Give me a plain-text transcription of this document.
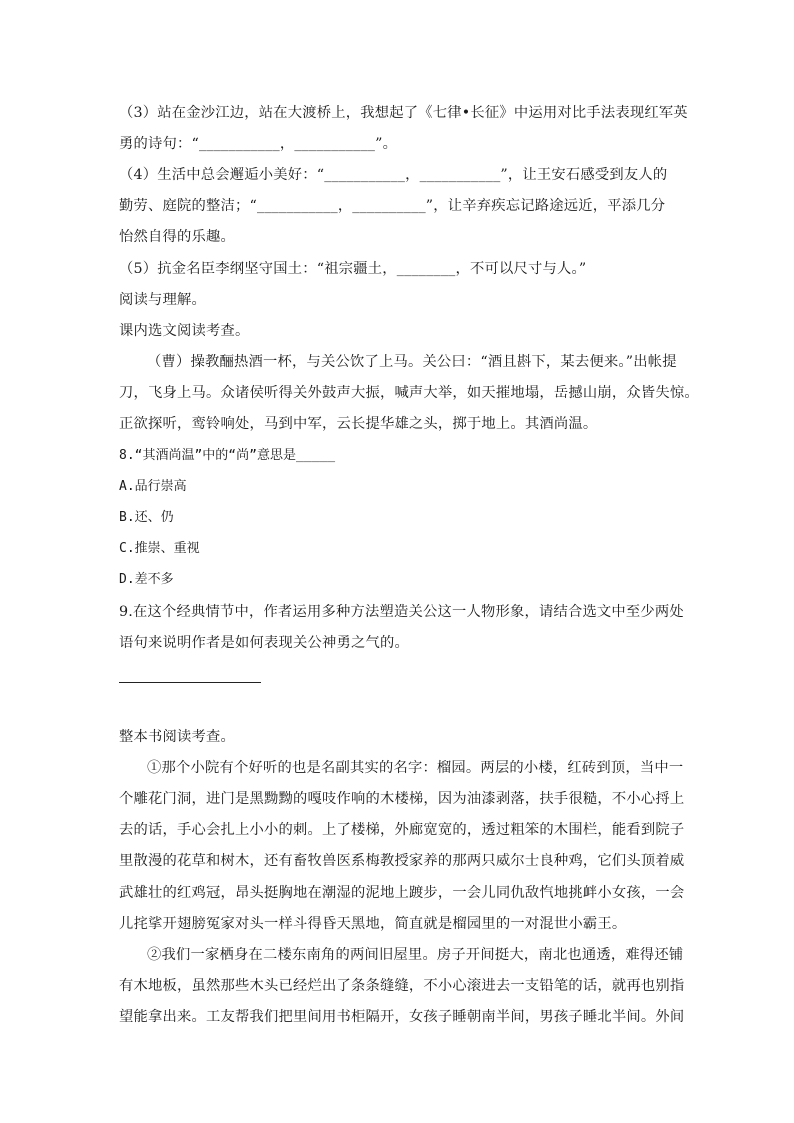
（3）站在金沙江边，站在大渡桥上，我想起了《七律•长征》中运用对比手法表现红军英
勇的诗句：“___________，___________”。
（4）生活中总会邂逅小美好：“___________，___________”，让王安石感受到友人的
勤劳、庭院的整洁；“___________，__________”，让辛弃疾忘记路途远近，平添几分
怡然自得的乐趣。
（5）抗金名臣李纲坚守国土：“祖宗疆土，________，不可以尺寸与人。”
阅读与理解。
课内选文阅读考查。
（曹）操教酾热酒一杯，与关公饮了上马。关公曰：“酒且斟下，某去便来。”出帐提
刀，飞身上马。众诸侯听得关外鼓声大振，喊声大举，如天摧地塌，岳撼山崩，众皆失惊。
正欲探听，鸾铃响处，马到中军，云长提华雄之头，掷于地上。其酒尚温。
8.“其酒尚温”中的“尚”意思是_____
A.品行崇高
B.还、仍
C.推崇、重视
D.差不多
9.在这个经典情节中，作者运用多种方法塑造关公这一人物形象，请结合选文中至少两处
语句来说明作者是如何表现关公神勇之气的。
整本书阅读考查。
①那个小院有个好听的也是名副其实的名字：榴园。两层的小楼，红砖到顶，当中一
个雕花门洞，进门是黑黝黝的嘎吱作响的木楼梯，因为油漆剥落，扶手很糙，不小心捋上
去的话，手心会扎上小小的刺。上了楼梯，外廊宽宽的，透过粗笨的木围栏，能看到院子
里散漫的花草和树木，还有畜牧兽医系梅教授家养的那两只威尔士良种鸡，它们头顶着威
武雄壮的红鸡冠，昂头挺胸地在潮湿的泥地上踱步，一会儿同仇敌忾地挑衅小女孩，一会
儿挓挲开翅膀冤家对头一样斗得昏天黑地，简直就是榴园里的一对混世小霸王。
②我们一家栖身在二楼东南角的两间旧屋里。房子开间挺大，南北也通透，难得还铺
有木地板，虽然那些木头已经烂出了条条缝缝，不小心滚进去一支铅笔的话，就再也别指
望能拿出来。工友帮我们把里间用书柜隔开，女孩子睡朝南半间，男孩子睡北半间。外间
